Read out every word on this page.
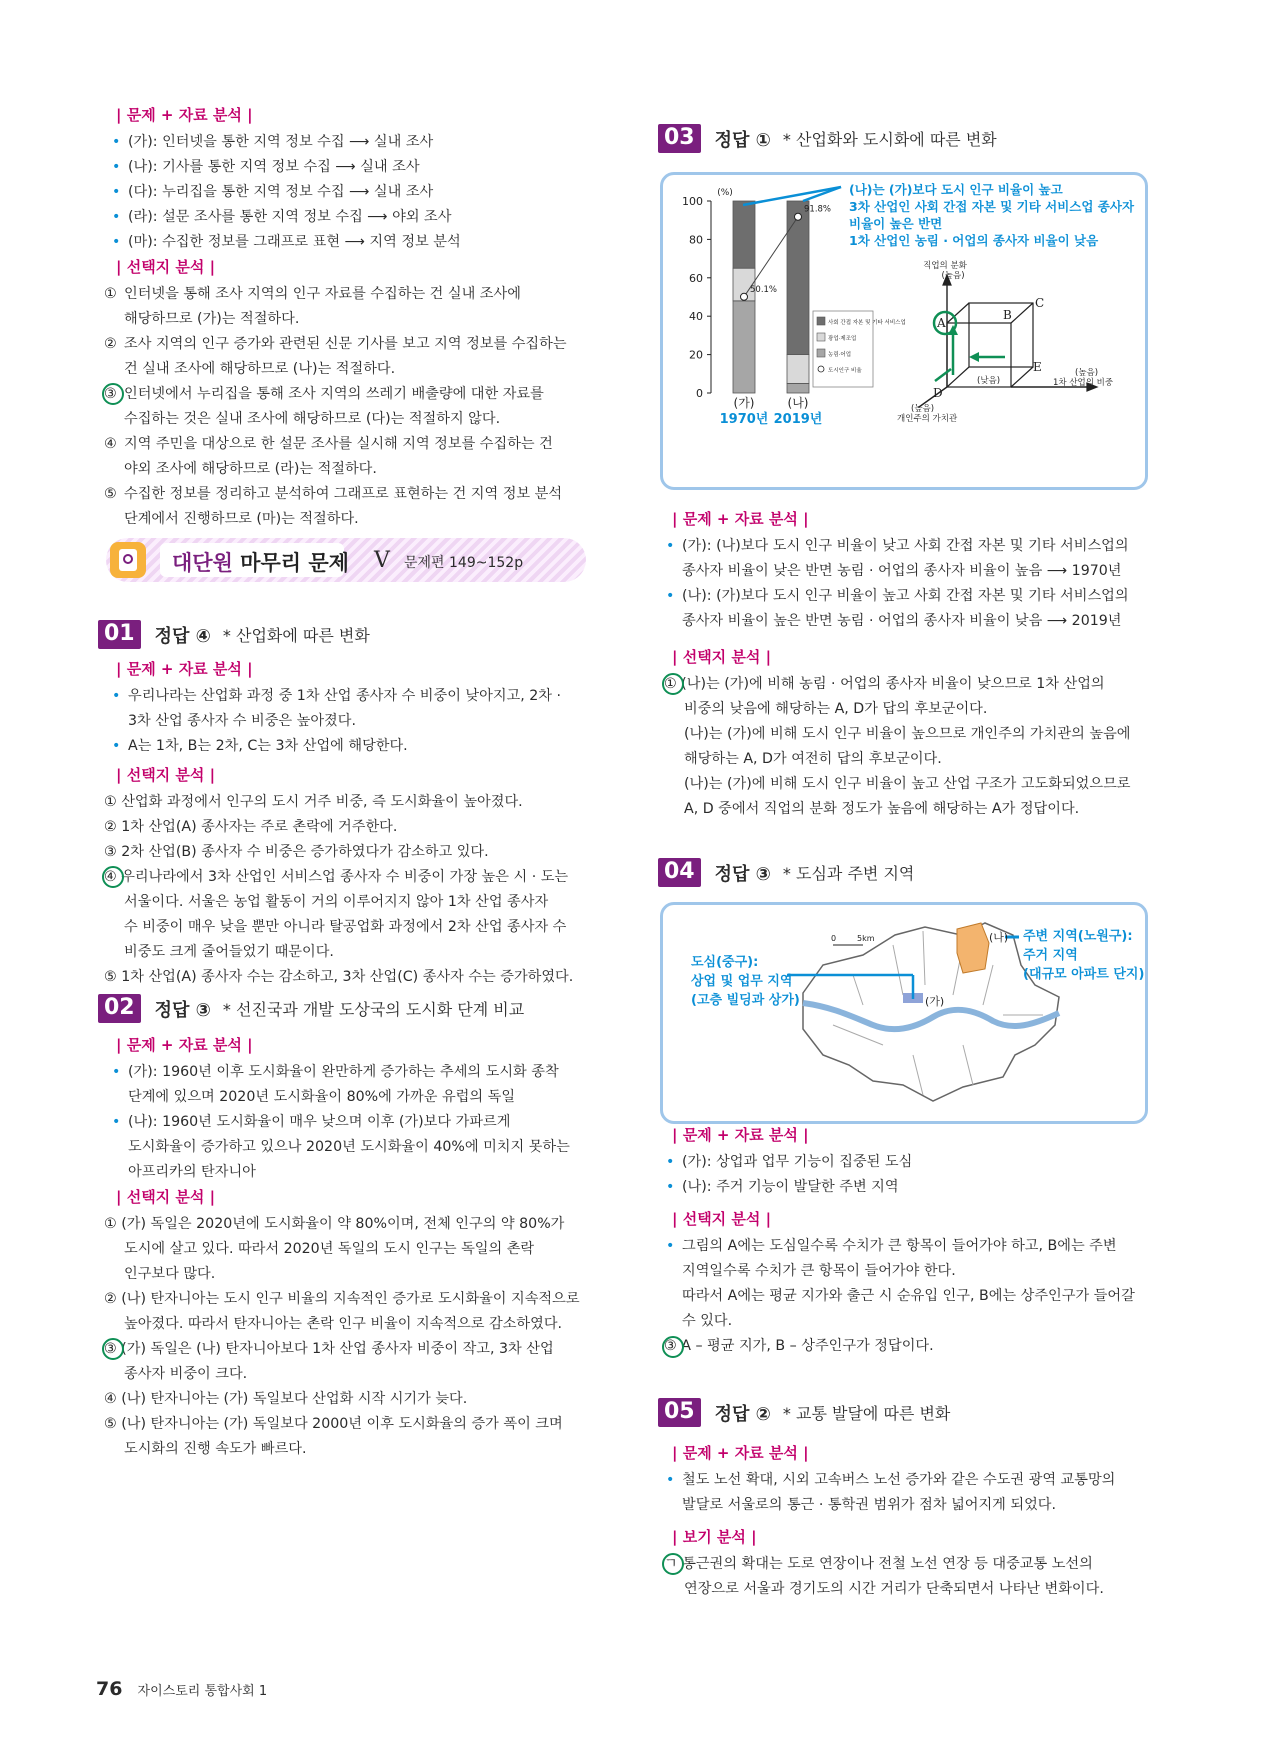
| 문제 + 자료 분석 |
• (가): 인터넷을 통한 지역 정보 수집 ⟶ 실내 조사
• (나): 기사를 통한 지역 정보 수집 ⟶ 실내 조사
• (다): 누리집을 통한 지역 정보 수집 ⟶ 실내 조사
• (라): 설문 조사를 통한 지역 정보 수집 ⟶ 야외 조사
• (마): 수집한 정보를 그래프로 표현 ⟶ 지역 정보 분석
| 선택지 분석 |
① 인터넷을 통해 조사 지역의 인구 자료를 수집하는 건 실내 조사에
해당하므로 (가)는 적절하다.
② 조사 지역의 인구 증가와 관련된 신문 기사를 보고 지역 정보를 수집하는
건 실내 조사에 해당하므로 (나)는 적절하다.
③ 인터넷에서 누리집을 통해 조사 지역의 쓰레기 배출량에 대한 자료를
수집하는 것은 실내 조사에 해당하므로 (다)는 적절하지 않다.
④ 지역 주민을 대상으로 한 설문 조사를 실시해 지역 정보를 수집하는 건
야외 조사에 해당하므로 (라)는 적절하다.
⑤ 수집한 정보를 정리하고 분석하여 그래프로 표현하는 건 지역 정보 분석
단계에서 진행하므로 (마)는 적절하다.
대단원 마무리 문제 Ⅴ 문제편 149~152p
01	정답 ④ * 산업화에 따른 변화
| 문제 + 자료 분석 |
• 우리나라는 산업화 과정 중 1차 산업 종사자 수 비중이 낮아지고, 2차 ·
3차 산업 종사자 수 비중은 높아졌다.
• A는 1차, B는 2차, C는 3차 산업에 해당한다.
| 선택지 분석 |
① 산업화 과정에서 인구의 도시 거주 비중, 즉 도시화율이 높아졌다.
② 1차 산업(A) 종사자는 주로 촌락에 거주한다.
③ 2차 산업(B) 종사자 수 비중은 증가하였다가 감소하고 있다.
④ 우리나라에서 3차 산업인 서비스업 종사자 수 비중이 가장 높은 시 · 도는
서울이다. 서울은 농업 활동이 거의 이루어지지 않아 1차 산업 종사자
수 비중이 매우 낮을 뿐만 아니라 탈공업화 과정에서 2차 산업 종사자 수
비중도 크게 줄어들었기 때문이다.
⑤ 1차 산업(A) 종사자 수는 감소하고, 3차 산업(C) 종사자 수는 증가하였다.
02	정답 ③ * 선진국과 개발 도상국의 도시화 단계 비교
| 문제 + 자료 분석 |
• (가): 1960년 이후 도시화율이 완만하게 증가하는 추세의 도시화 종착
단계에 있으며 2020년 도시화율이 80%에 가까운 유럽의 독일
• (나): 1960년 도시화율이 매우 낮으며 이후 (가)보다 가파르게
도시화율이 증가하고 있으나 2020년 도시화율이 40%에 미치지 못하는
아프리카의 탄자니아
| 선택지 분석 |
① (가) 독일은 2020년에 도시화율이 약 80%이며, 전체 인구의 약 80%가
도시에 살고 있다. 따라서 2020년 독일의 도시 인구는 독일의 촌락
인구보다 많다.
② (나) 탄자니아는 도시 인구 비율의 지속적인 증가로 도시화율이 지속적으로
높아졌다. 따라서 탄자니아는 촌락 인구 비율이 지속적으로 감소하였다.
③ (가) 독일은 (나) 탄자니아보다 1차 산업 종사자 비중이 작고, 3차 산업
종사자 비중이 크다.
④ (나) 탄자니아는 (가) 독일보다 산업화 시작 시기가 늦다.
⑤ (나) 탄자니아는 (가) 독일보다 2000년 이후 도시화율의 증가 폭이 크며
도시화의 진행 속도가 빠르다.
76 자이스토리 통합사회 1
03	정답 ① * 산업화와 도시화에 따른 변화
100
80
60
40
20
0
(%)
(가)
1970년
(나)
2019년
50.1%
91.8%
사회 간접 자본 및 기타 서비스업
광업·제조업
농림·어업
도시인구 비율
A
B
C
D
E
직업의 분화
(높음)
(높음)
1차 산업의 비중
(높음)
개인주의 가치관
(낮음)
(나)는 (가)보다 도시 인구 비율이 높고
3차 산업인 사회 간접 자본 및 기타 서비스업 종사자
비율이 높은 반면
1차 산업인 농림 · 어업의 종사자 비율이 낮음
| 문제 + 자료 분석 |
• (가): (나)보다 도시 인구 비율이 낮고 사회 간접 자본 및 기타 서비스업의
종사자 비율이 낮은 반면 농림 · 어업의 종사자 비율이 높음 ⟶ 1970년
• (나): (가)보다 도시 인구 비율이 높고 사회 간접 자본 및 기타 서비스업의
종사자 비율이 높은 반면 농림 · 어업의 종사자 비율이 낮음 ⟶ 2019년
| 선택지 분석 |
① (나)는 (가)에 비해 농림 · 어업의 종사자 비율이 낮으므로 1차 산업의
비중의 낮음에 해당하는 A, D가 답의 후보군이다.
(나)는 (가)에 비해 도시 인구 비율이 높으므로 개인주의 가치관의 높음에
해당하는 A, D가 여전히 답의 후보군이다.
(나)는 (가)에 비해 도시 인구 비율이 높고 산업 구조가 고도화되었으므로
A, D 중에서 직업의 분화 정도가 높음에 해당하는 A가 정답이다.
04	정답 ③ * 도심과 주변 지역
0	5km	(나)
(가)
도심(중구):
상업 및 업무 지역
(고층 빌딩과 상가)
주변 지역(노원구):
주거 지역
(대규모 아파트 단지)
| 문제 + 자료 분석 |
• (가): 상업과 업무 기능이 집중된 도심
• (나): 주거 기능이 발달한 주변 지역
| 선택지 분석 |
• 그림의 A에는 도심일수록 수치가 큰 항목이 들어가야 하고, B에는 주변
지역일수록 수치가 큰 항목이 들어가야 한다.
따라서 A에는 평균 지가와 출근 시 순유입 인구, B에는 상주인구가 들어갈
수 있다.
③ A – 평균 지가, B – 상주인구가 정답이다.
05	정답 ② * 교통 발달에 따른 변화
| 문제 + 자료 분석 |
• 철도 노선 확대, 시외 고속버스 노선 증가와 같은 수도권 광역 교통망의
발달로 서울로의 통근 · 통학권 범위가 점차 넓어지게 되었다.
| 보기 분석 |
ㄱ 통근권의 확대는 도로 연장이나 전철 노선 연장 등 대중교통 노선의
연장으로 서울과 경기도의 시간 거리가 단축되면서 나타난 변화이다.
